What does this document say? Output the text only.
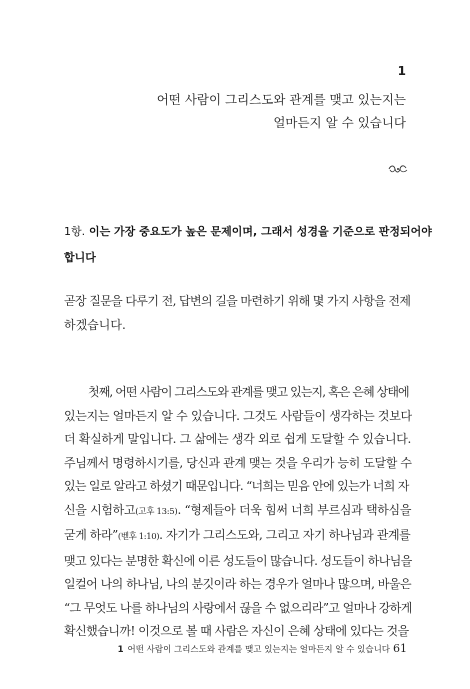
1
어떤 사람이 그리스도와 관계를 맺고 있는지는
얼마든지 알 수 있습니다
1항. 이는 가장 중요도가 높은 문제이며, 그래서 성경을 기준으로 판정되어야
합니다

곧장 질문을 다루기 전, 답변의 길을 마련하기 위해 몇 가지 사항을 전제
하겠습니다.

첫째, 어떤 사람이 그리스도와 관계를 맺고 있는지, 혹은 은혜 상태에
있는지는 얼마든지 알 수 있습니다. 그것도 사람들이 생각하는 것보다
더 확실하게 말입니다. 그 삶에는 생각 외로 쉽게 도달할 수 있습니다.
주님께서 명령하시기를, 당신과 관계 맺는 것을 우리가 능히 도달할 수
있는 일로 알라고 하셨기 때문입니다. “너희는 믿음 안에 있는가 너희 자
신을 시험하고(고후 13:5). “형제들아 더욱 힘써 너희 부르심과 택하심을
굳게 하라”(벧후 1:10). 자기가 그리스도와, 그리고 자기 하나님과 관계를
맺고 있다는 분명한 확신에 이른 성도들이 많습니다. 성도들이 하나님을
일컬어 나의 하나님, 나의 분깃이라 하는 경우가 얼마나 많으며, 바울은
“그 무엇도 나를 하나님의 사랑에서 끊을 수 없으리라”고 얼마나 강하게
확신했습니까! 이것으로 볼 때 사람은 자신이 은혜 상태에 있다는 것을

1 어떤 사람이 그리스도와 관계를 맺고 있는지는 얼마든지 알 수 있습니다 61
